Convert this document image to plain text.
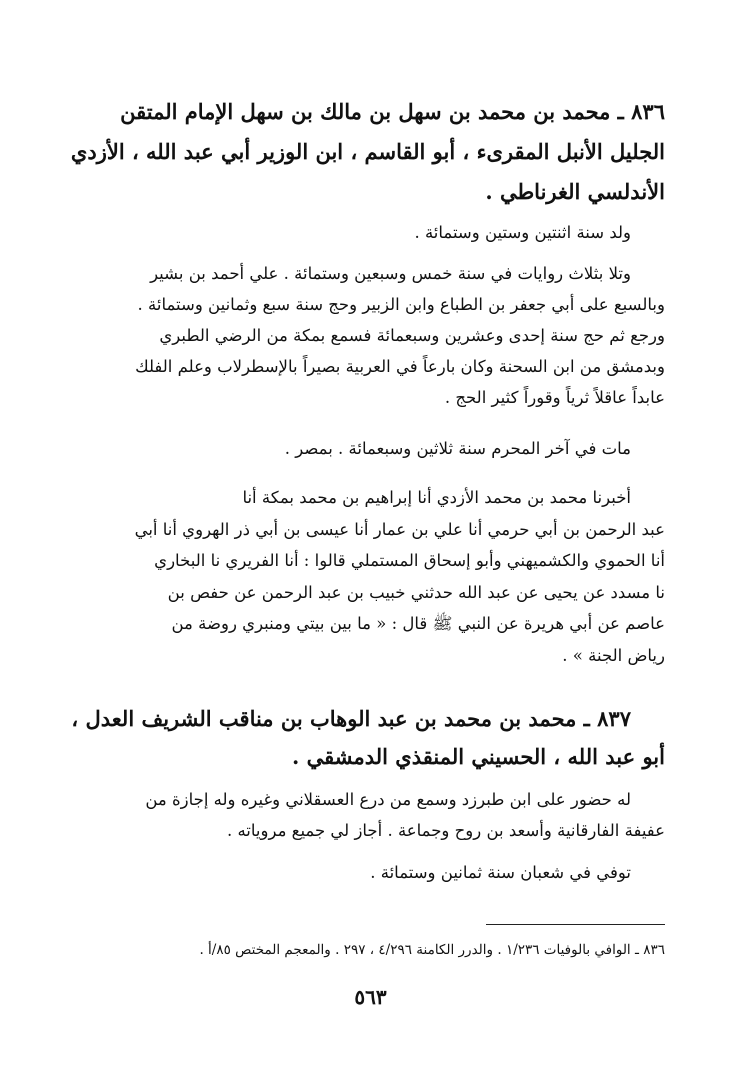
٨٣٦ ـ محمد بن محمد بن سهل بن مالك بن سهل الإمام المتقن
الجليل الأنبل المقرىء ، أبو القاسم ، ابن الوزير أبي عبد الله ، الأزدي
الأندلسي الغرناطي .
ولد سنة اثنتين وستين وستمائة .
وتلا بثلاث روايات في سنة خمس وسبعين وستمائة . علي أحمد بن بشير
وبالسبع على أبي جعفر بن الطباع وابن الزبير وحج سنة سبع وثمانين وستمائة .
ورجع ثم حج سنة إحدى وعشرين وسبعمائة فسمع بمكة من الرضي الطبري
وبدمشق من ابن السحنة وكان بارعاً في العربية بصيراً بالإسطرلاب وعلم الفلك
عابداً عاقلاً ثرياً وقوراً كثير الحج .
مات في آخر المحرم سنة ثلاثين وسبعمائة . بمصر .
أخبرنا محمد بن محمد الأزدي أنا إبراهيم بن محمد بمكة أنا
عبد الرحمن بن أبي حرمي أنا علي بن عمار أنا عيسى بن أبي ذر الهروي أنا أبي
أنا الحموي والكشميهني وأبو إسحاق المستملي قالوا : أنا الفريري نا البخاري
نا مسدد عن يحيى عن عبد الله حدثني خبيب بن عبد الرحمن عن حفص بن
عاصم عن أبي هريرة عن النبي ﷺ قال : « ما بين بيتي ومنبري روضة من
رياض الجنة » .
٨٣٧ ـ محمد بن محمد بن عبد الوهاب بن مناقب الشريف العدل ،
أبو عبد الله ، الحسيني المنقذي الدمشقي .
له حضور على ابن طبرزد وسمع من درع العسقلاني وغيره وله إجازة من
عفيفة الفارقانية وأسعد بن روح وجماعة . أجاز لي جميع مروياته .
توفي في شعبان سنة ثمانين وستمائة .
٨٣٦ ـ الوافي بالوفيات ١/٢٣٦ . والدرر الكامنة ٤/٢٩٦ ، ٢٩٧ . والمعجم المختص ٨٥/أ .
٥٦٣
